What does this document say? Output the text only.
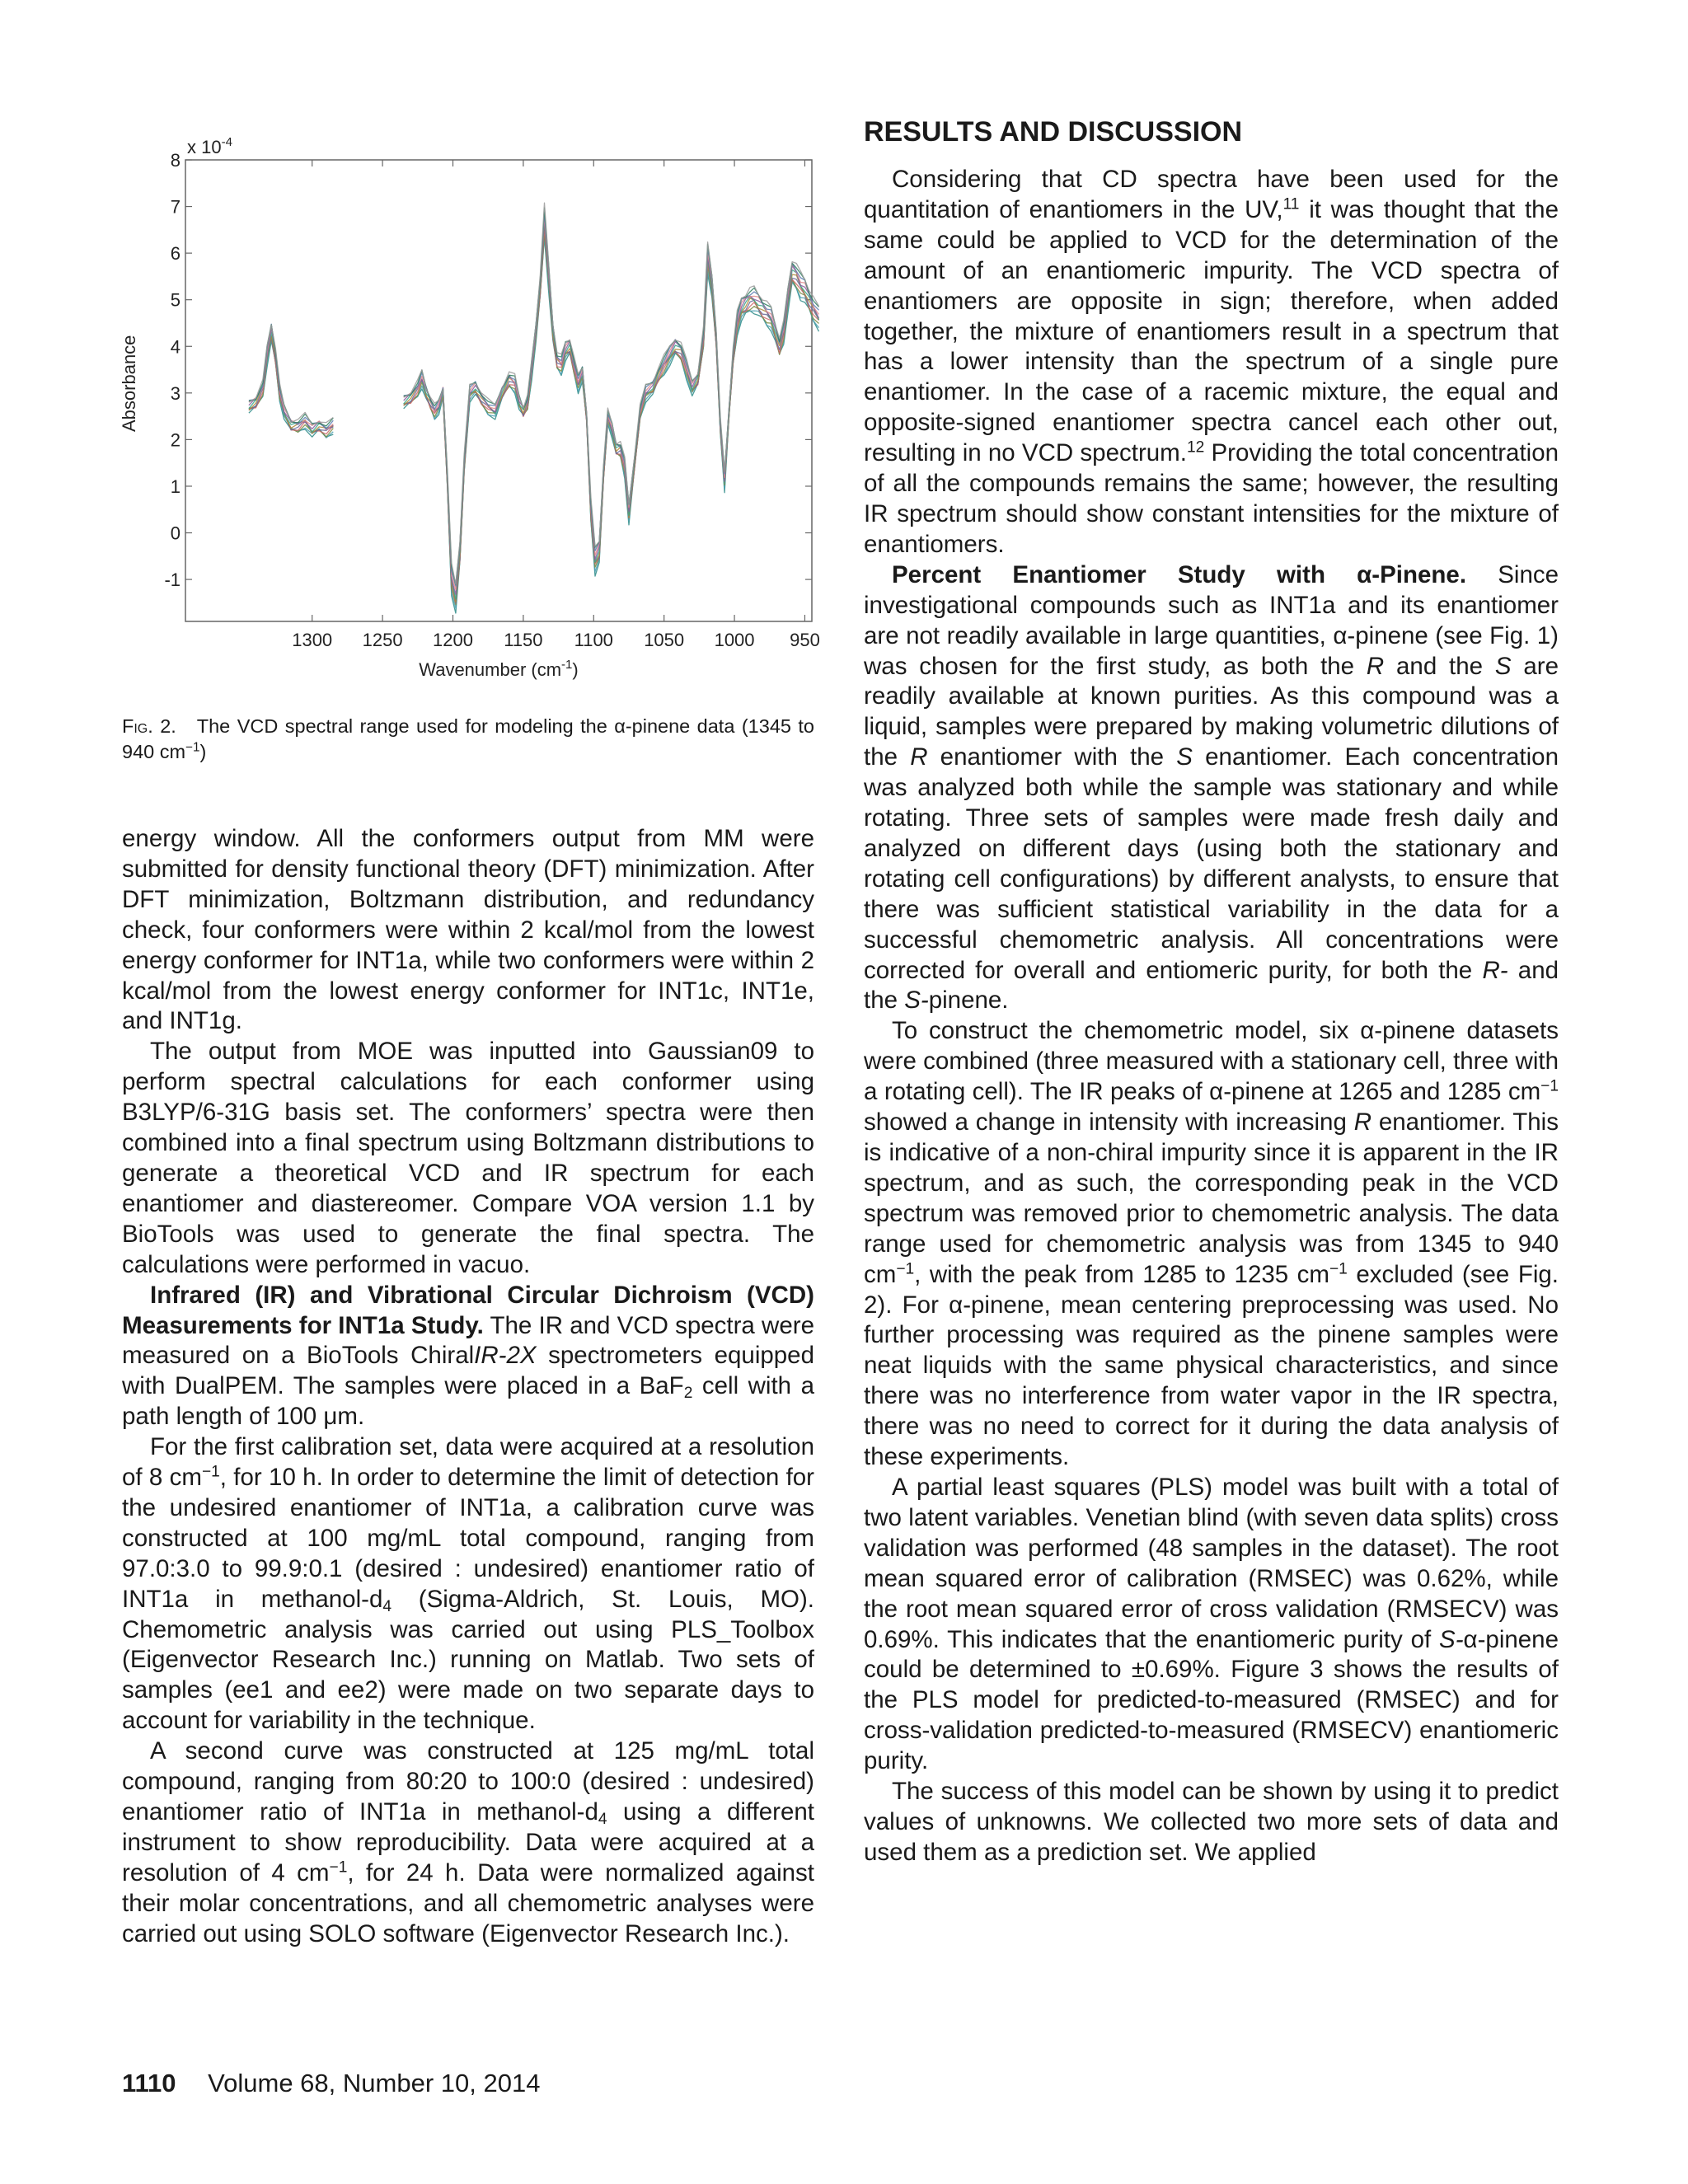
-1
0
1
2
3
4
5
6
7
8
1300 1250 1200 1150 1100 1050 1000 950
Absorbance
Wavenumber $(cm^{-1})$
x $10^{-4}$
Fig. 2. The VCD spectral range used for modeling the α-pinene data (1345 to 940 $cm^{-1}$)
RESULTS AND DISCUSSION

energy window. All the conformers output from MM were submitted for density functional theory (DFT) minimization. After DFT minimization, Boltzmann distribution, and redundancy check, four conformers were within 2 kcal/mol from the lowest energy conformer for INT1a, while two conformers were within 2 kcal/mol from the lowest energy conformer for INT1c, INT1e, and INT1g.

The output from MOE was inputted into Gaussian09 to perform spectral calculations for each conformer using B3LYP/6-31G basis set. The conformers’ spectra were then combined into a final spectrum using Boltzmann distributions to generate a theoretical VCD and IR spectrum for each enantiomer and diastereomer. Compare VOA version 1.1 by BioTools was used to generate the final spectra. The calculations were performed in vacuo.

Infrared (IR) and Vibrational Circular Dichroism (VCD) Measurements for INT1a Study. The IR and VCD spectra were measured on a BioTools ChiralIR-2X spectrometers equipped with DualPEM. The samples were placed in a BaF$_2$ cell with a path length of 100 μm.

For the first calibration set, data were acquired at a resolution of 8 $cm^{-1}$, for 10 h. In order to determine the limit of detection for the undesired enantiomer of INT1a, a calibration curve was constructed at 100 mg/mL total compound, ranging from 97.0:3.0 to 99.9:0.1 (desired : undesired) enantiomer ratio of INT1a in methanol-$d_4$ (Sigma-Aldrich, St. Louis, MO). Chemometric analysis was carried out using PLS_Toolbox (Eigenvector Research Inc.) running on Matlab. Two sets of samples (ee1 and ee2) were made on two separate days to account for variability in the technique.

A second curve was constructed at 125 mg/mL total compound, ranging from 80:20 to 100:0 (desired : undesired) enantiomer ratio of INT1a in methanol-$d_4$ using a different instrument to show reproducibility. Data were acquired at a resolution of 4 $cm^{-1}$, for 24 h. Data were normalized against their molar concentrations, and all chemometric analyses were carried out using SOLO software (Eigenvector Research Inc.).

Considering that CD spectra have been used for the quantitation of enantiomers in the UV,$^{11}$ it was thought that the same could be applied to VCD for the determination of the amount of an enantiomeric impurity. The VCD spectra of enantiomers are opposite in sign; therefore, when added together, the mixture of enantiomers result in a spectrum that has a lower intensity than the spectrum of a single pure enantiomer. In the case of a racemic mixture, the equal and opposite-signed enantiomer spectra cancel each other out, resulting in no VCD spectrum.$^{12}$ Providing the total concentration of all the compounds remains the same; however, the resulting IR spectrum should show constant intensities for the mixture of enantiomers.

Percent Enantiomer Study with α-Pinene. Since investigational compounds such as INT1a and its enantiomer are not readily available in large quantities, α-pinene (see Fig. 1) was chosen for the first study, as both the R and the S are readily available at known purities. As this compound was a liquid, samples were prepared by making volumetric dilutions of the R enantiomer with the S enantiomer. Each concentration was analyzed both while the sample was stationary and while rotating. Three sets of samples were made fresh daily and analyzed on different days (using both the stationary and rotating cell configurations) by different analysts, to ensure that there was sufficient statistical variability in the data for a successful chemometric analysis. All concentrations were corrected for overall and entiomeric purity, for both the R- and the S-pinene.

To construct the chemometric model, six α-pinene datasets were combined (three measured with a stationary cell, three with a rotating cell). The IR peaks of α-pinene at 1265 and 1285 $cm^{-1}$ showed a change in intensity with increasing R enantiomer. This is indicative of a non-chiral impurity since it is apparent in the IR spectrum, and as such, the corresponding peak in the VCD spectrum was removed prior to chemometric analysis. The data range used for chemometric analysis was from 1345 to 940 $cm^{-1}$, with the peak from 1285 to 1235 $cm^{-1}$ excluded (see Fig. 2). For α-pinene, mean centering preprocessing was used. No further processing was required as the pinene samples were neat liquids with the same physical characteristics, and since there was no interference from water vapor in the IR spectra, there was no need to correct for it during the data analysis of these experiments.

A partial least squares (PLS) model was built with a total of two latent variables. Venetian blind (with seven data splits) cross validation was performed (48 samples in the dataset). The root mean squared error of calibration (RMSEC) was 0.62%, while the root mean squared error of cross validation (RMSECV) was 0.69%. This indicates that the enantiomeric purity of S-α-pinene could be determined to ±0.69%. Figure 3 shows the results of the PLS model for predicted-to-measured (RMSEC) and for cross-validation predicted-to-measured (RMSECV) enantiomeric purity.

The success of this model can be shown by using it to predict values of unknowns. We collected two more sets of data and used them as a prediction set. We applied

1110 Volume 68, Number 10, 2014
